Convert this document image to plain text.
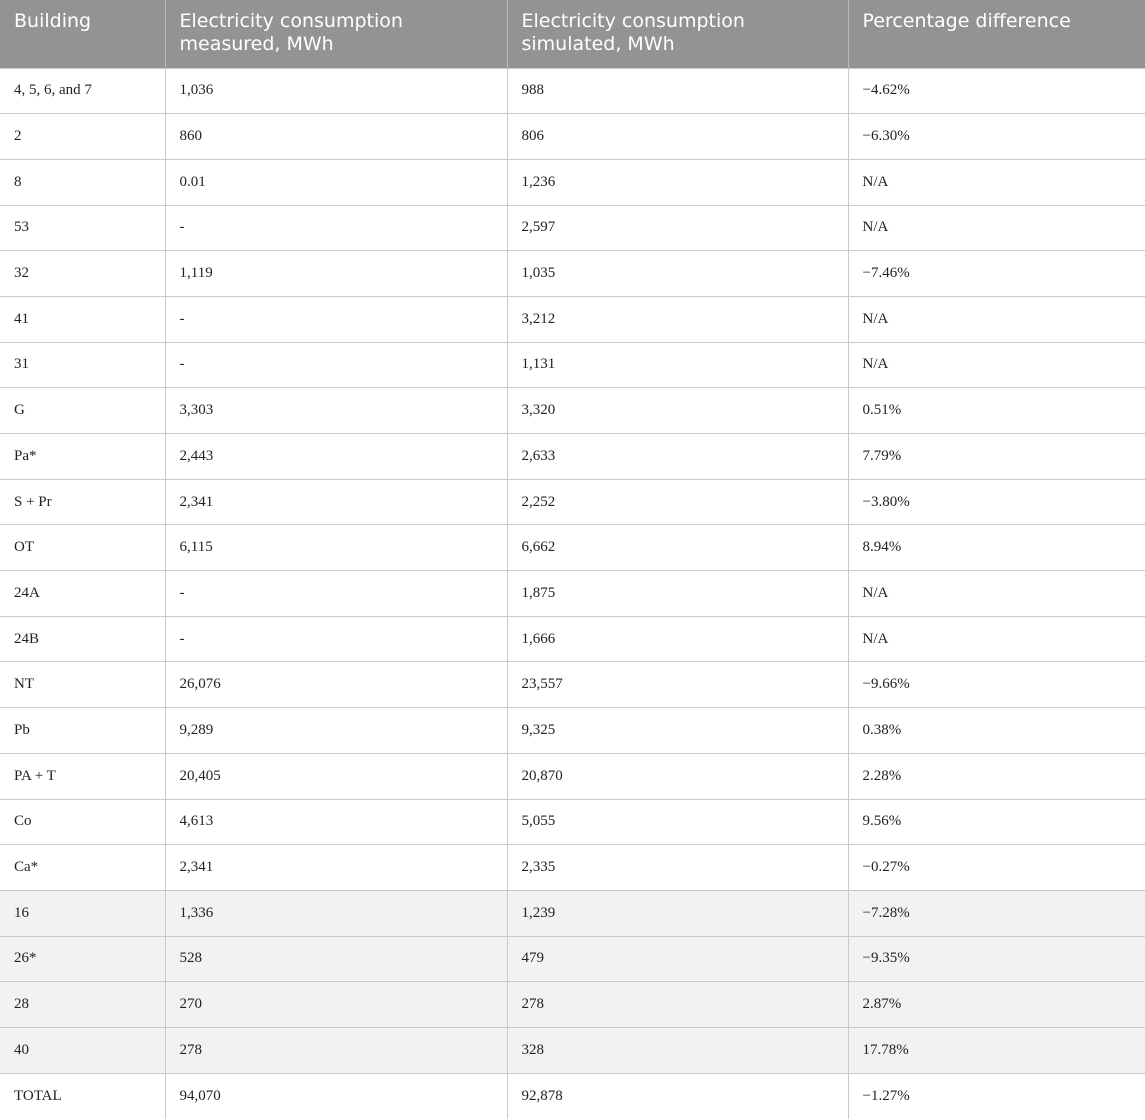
Building	Electricity consumption measured, MWh	Electricity consumption simulated, MWh	Percentage difference
4, 5, 6, and 7	1,036	988	−4.62%
2	860	806	−6.30%
8	0.01	1,236	N/A
53	-	2,597	N/A
32	1,119	1,035	−7.46%
41	-	3,212	N/A
31	-	1,131	N/A
G	3,303	3,320	0.51%
Pa*	2,443	2,633	7.79%
S + Pr	2,341	2,252	−3.80%
OT	6,115	6,662	8.94%
24A	-	1,875	N/A
24B	-	1,666	N/A
NT	26,076	23,557	−9.66%
Pb	9,289	9,325	0.38%
PA + T	20,405	20,870	2.28%
Co	4,613	5,055	9.56%
Ca*	2,341	2,335	−0.27%
16	1,336	1,239	−7.28%
26*	528	479	−9.35%
28	270	278	2.87%
40	278	328	17.78%
TOTAL	94,070	92,878	−1.27%
